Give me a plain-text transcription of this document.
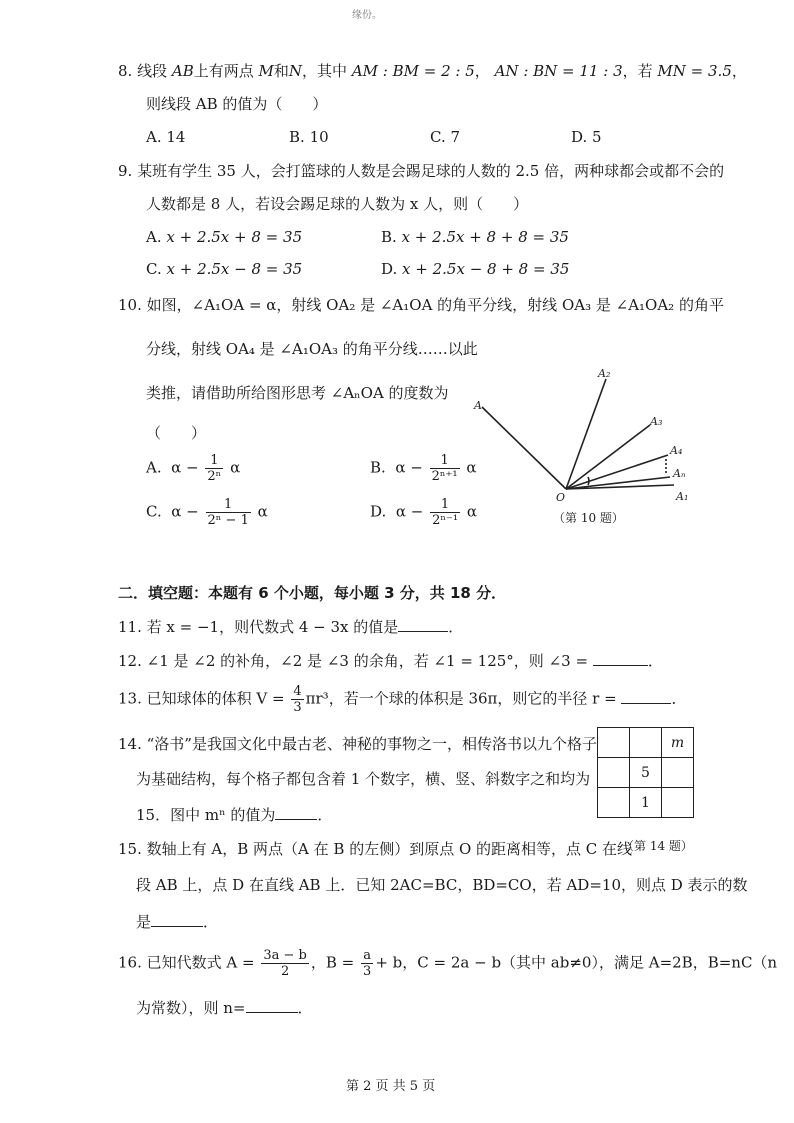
缘份。
8. 线段 AB上有两点 M和N，其中 AM : BM = 2 : 5， AN : BN = 11 : 3，若 MN = 3.5，
则线段 AB 的值为（　　）
A. 14	B. 10	C. 7	D. 5
9. 某班有学生 35 人，会打篮球的人数是会踢足球的人数的 2.5 倍，两种球都会或都不会的
人数都是 8 人，若设会踢足球的人数为 x 人，则（　　）
A. x + 2.5x + 8 = 35	B. x + 2.5x + 8 + 8 = 35
C. x + 2.5x − 8 = 35	D. x + 2.5x − 8 + 8 = 35
10. 如图，∠A₁OA = α，射线 OA₂ 是 ∠A₁OA 的角平分线，射线 OA₃ 是 ∠A₁OA₂ 的角平
分线，射线 OA₄ 是 ∠A₁OA₃ 的角平分线……以此
类推，请借助所给图形思考 ∠AₙOA 的度数为
（　　）
A. $\alpha - \frac{1}{\text{2ⁿ}}$ α	B. $\alpha - \frac{1}{\text{2ⁿ⁺¹}}$ α
C. $\alpha - \frac{1}{\text{2ⁿ − 1}}$ α	D. $\alpha - \frac{1}{\text{2ⁿ⁻¹}}$ α
A
A₂
A₃
A₄
Aₙ
A₁
O
（第 10 题）
二．填空题：本题有 6 个小题，每小题 3 分，共 18 分．
11. 若 x = −1，则代数式 4 − 3x 的值是	．
12. ∠1 是 ∠2 的补角，∠2 是 ∠3 的余角，若 ∠1 = 125°，则 ∠3 =	．
13. 已知球体的体积 $V = \frac{4}{3} \pi r^3$，若一个球的体积是 36π，则它的半径 r =	．
14. “洛书”是我国文化中最古老、神秘的事物之一，相传洛书以九个格子
为基础结构，每个格子都包含着 1 个数字，横、竖、斜数字之和均为
15．图中 mⁿ 的值为	．
		m
	5	
	1	
（第 14 题）
15. 数轴上有 A，B 两点（A 在 B 的左侧）到原点 O 的距离相等，点 C 在线
段 AB 上，点 D 在直线 AB 上．已知 2AC=BC，BD=CO，若 AD=10，则点 D 表示的数
是	．
16. 已知代数式 $A = \frac{3a - b}{2}$ ，$B = \frac{a}{3} + b$，C = 2a − b（其中 ab≠0），满足 A=2B，B=nC（n
为常数），则 n=	．
第 2 页 共 5 页
